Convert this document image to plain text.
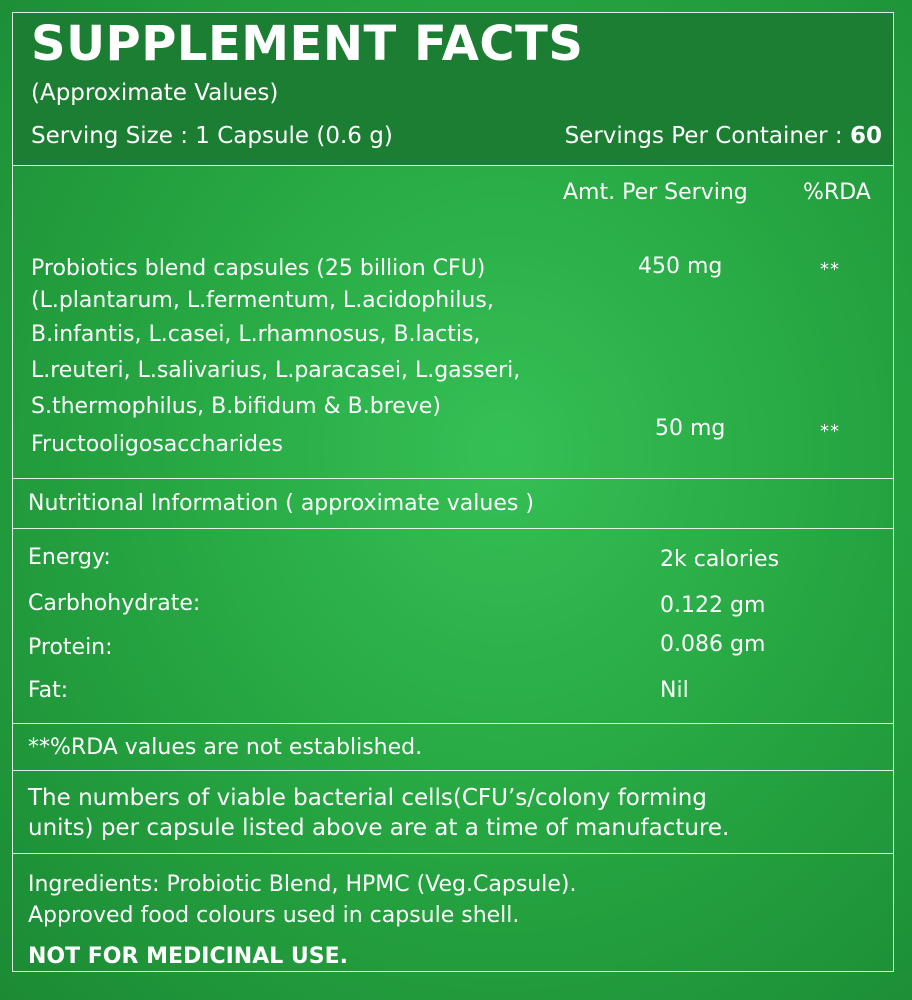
SUPPLEMENT FACTS
(Approximate Values)
Serving Size : 1 Capsule (0.6 g)	Servings Per Container : 60
Amt. Per Serving	%RDA
Probiotics blend capsules (25 billion CFU)
(L.plantarum, L.fermentum, L.acidophilus,
B.infantis, L.casei, L.rhamnosus, B.lactis,
L.reuteri, L.salivarius, L.paracasei, L.gasseri,
S.thermophilus, B.bifidum & B.breve)
450 mg	**
Fructooligosaccharides
50 mg	**
Nutritional Information ( approximate values )
Energy:	2k calories
Carbhohydrate:	0.122 gm
Protein:	0.086 gm
Fat:	Nil
**%RDA values are not established.
The numbers of viable bacterial cells(CFU’s/colony forming
units) per capsule listed above are at a time of manufacture.
Ingredients: Probiotic Blend, HPMC (Veg.Capsule).
Approved food colours used in capsule shell.
NOT FOR MEDICINAL USE.
